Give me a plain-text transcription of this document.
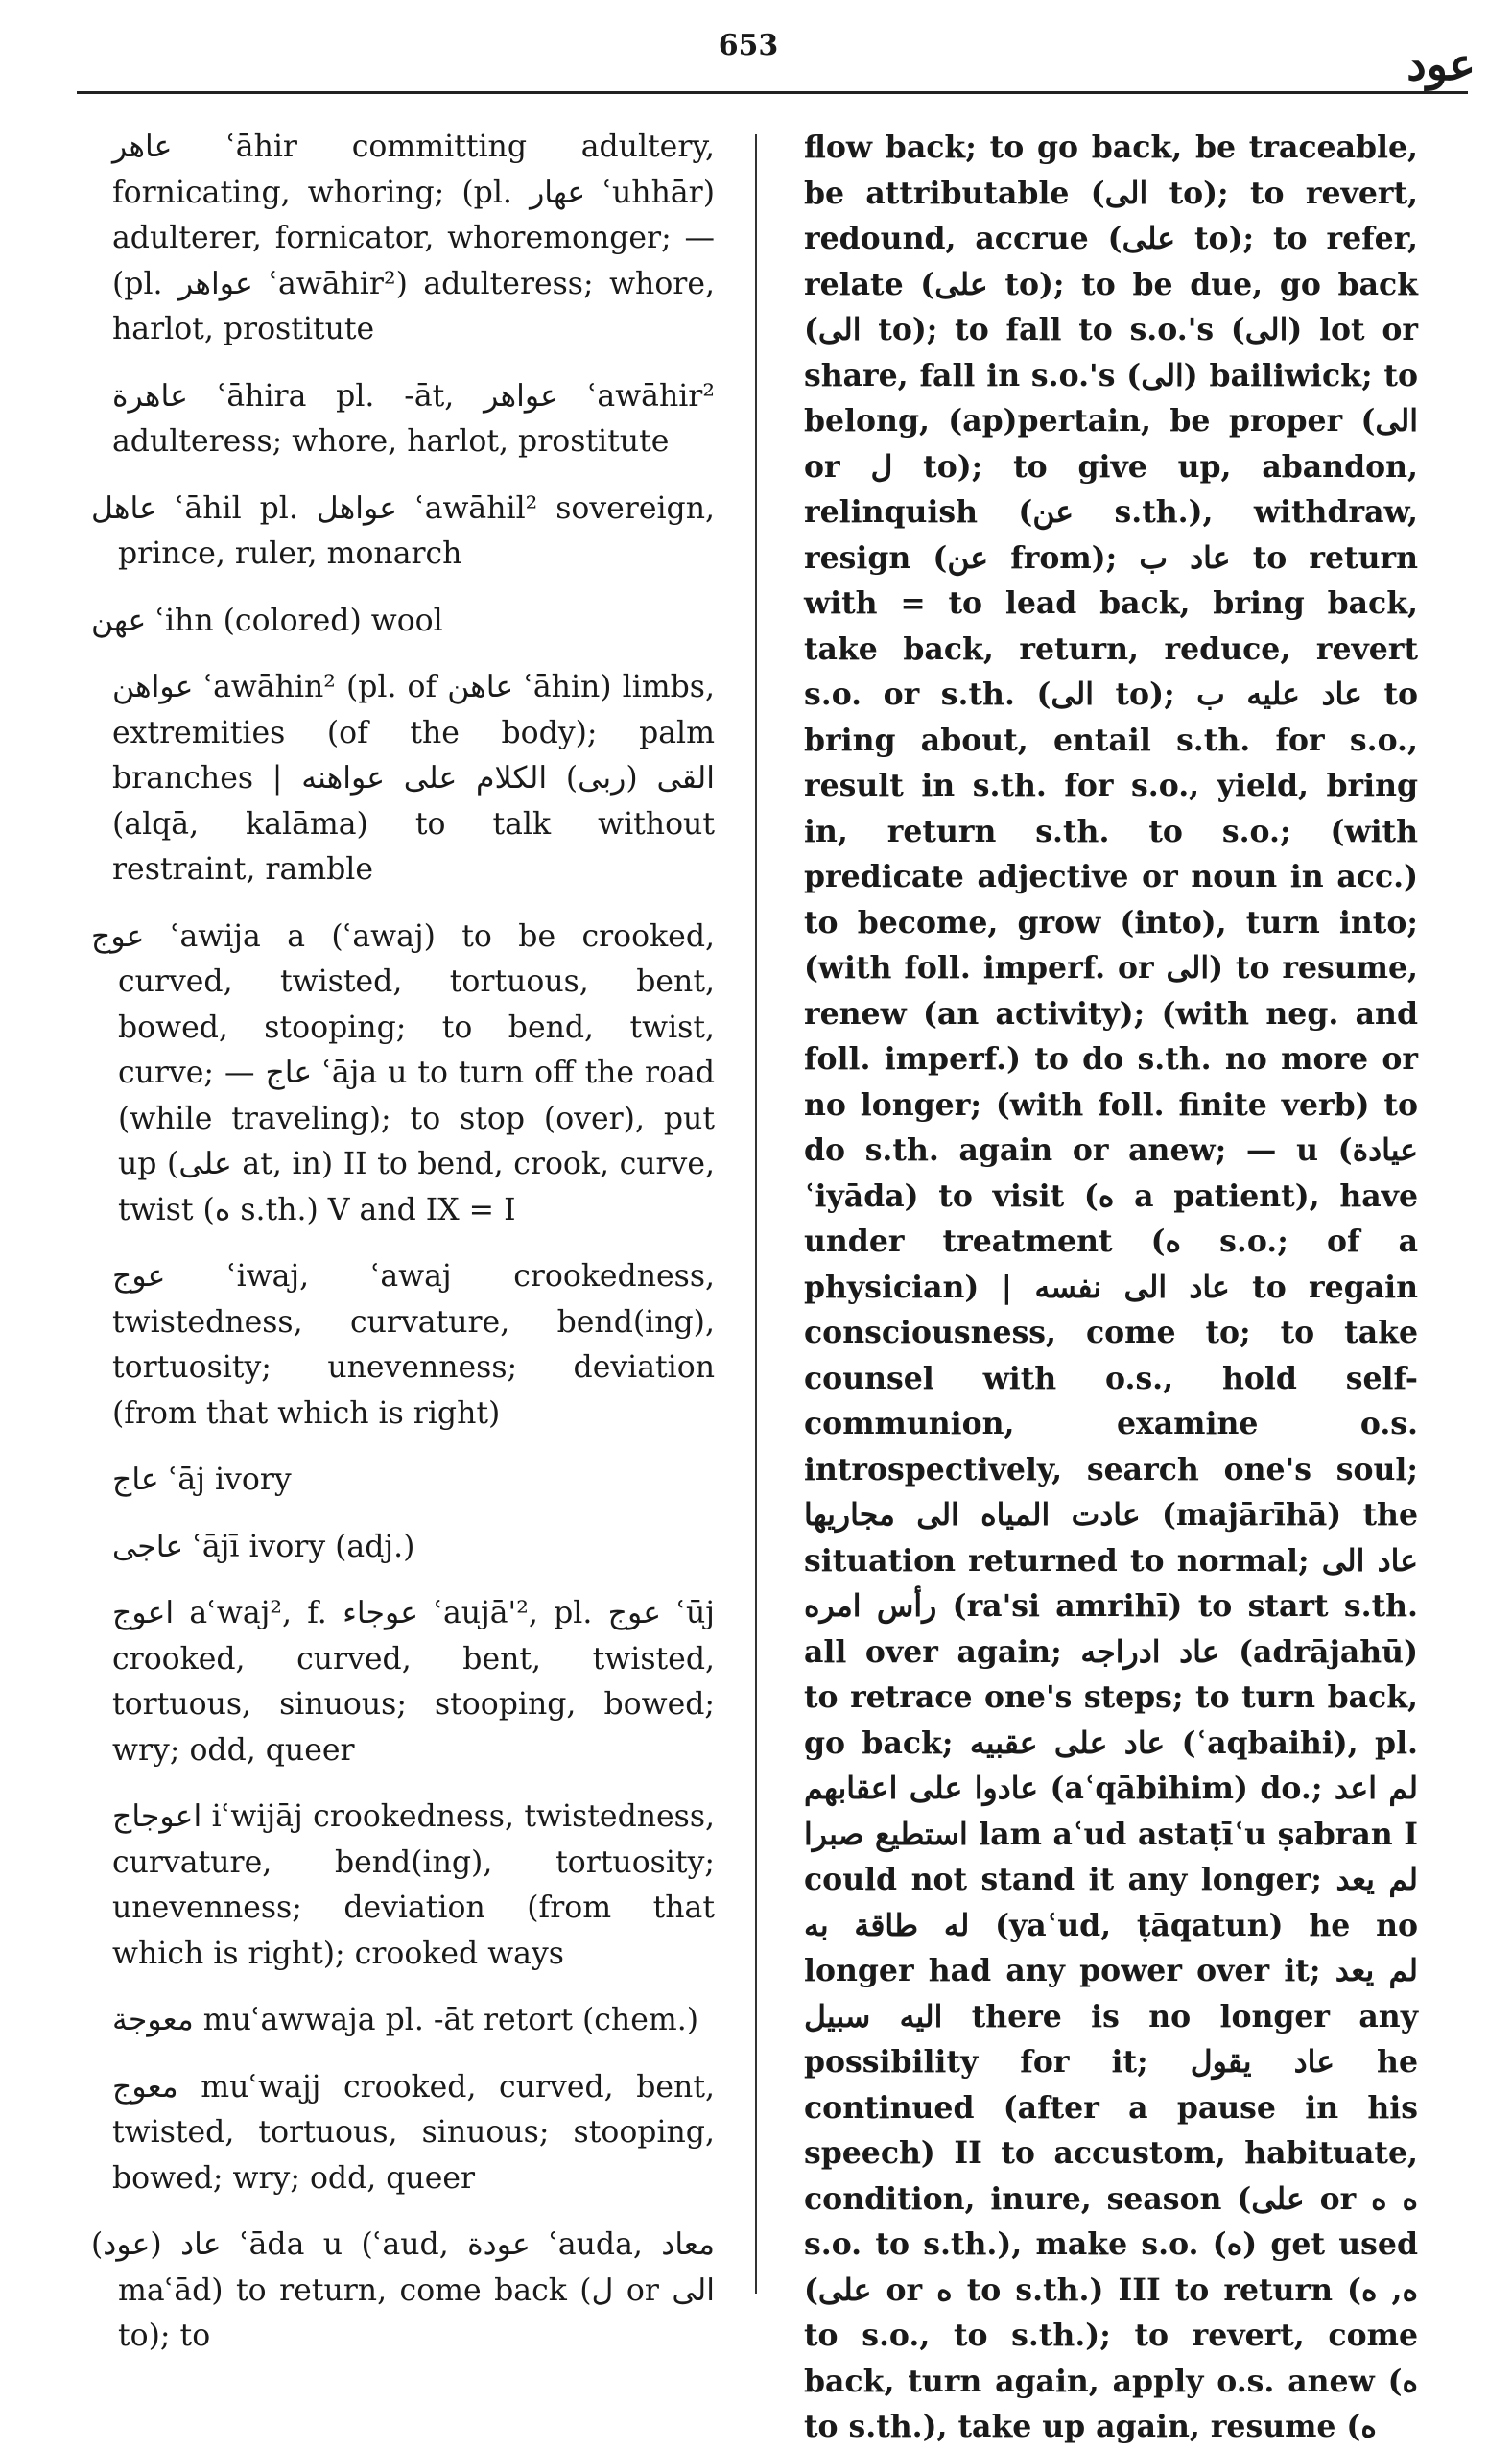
653	عود

عاهر ʿāhir committing adultery, fornicating, whoring; (pl. عهار ʿuhhār) adulterer, fornicator, whoremonger; — (pl. عواهر ʿawāhir²) adulteress; whore, harlot, prostitute

عاهرة ʿāhira pl. -āt, عواهر ʿawāhir² adulteress; whore, harlot, prostitute

عاهل ʿāhil pl. عواهل ʿawāhil² sovereign, prince, ruler, monarch

عهن ʿihn (colored) wool

عواهن ʿawāhin² (pl. of عاهن ʿāhin) limbs, extremities (of the body); palm branches | القى (ربى) الكلام على عواهنه (alqā, kalāma) to talk without restraint, ramble

عوج ʿawija a (ʿawaj) to be crooked, curved, twisted, tortuous, bent, bowed, stooping; to bend, twist, curve; — عاج ʿāja u to turn off the road (while traveling); to stop (over), put up (على at, in) II to bend, crook, curve, twist (ه s.th.) V and IX = I

عوج ʿiwaj, ʿawaj crookedness, twistedness, curvature, bend(ing), tortuosity; unevenness; deviation (from that which is right)

عاج ʿāj ivory

عاجى ʿājī ivory (adj.)

اعوج aʿwaj², f. عوجاء ʿaujā'², pl. عوج ʿūj crooked, curved, bent, twisted, tortuous, sinuous; stooping, bowed; wry; odd, queer

اعوجاج iʿwijāj crookedness, twistedness, curvature, bend(ing), tortuosity; unevenness; deviation (from that which is right); crooked ways

معوجة muʿawwaja pl. -āt retort (chem.)

معوج muʿwajj crooked, curved, bent, twisted, tortuous, sinuous; stooping, bowed; wry; odd, queer

(عود) عاد ʿāda u (ʿaud, عودة ʿauda, معاد maʿād) to return, come back (ل or الى to); to

flow back; to go back, be traceable, be attributable (الى to); to revert, redound, accrue (على to); to refer, relate (على to); to be due, go back (الى to); to fall to s.o.'s (الى) lot or share, fall in s.o.'s (الى) bailiwick; to belong, (ap)pertain, be proper (الى or ل to); to give up, abandon, relinquish (عن s.th.), withdraw, resign (عن from); عاد ب to return with = to lead back, bring back, take back, return, reduce, revert s.o. or s.th. (الى to); عاد عليه ب to bring about, entail s.th. for s.o., result in s.th. for s.o., yield, bring in, return s.th. to s.o.; (with predicate adjective or noun in acc.) to become, grow (into), turn into; (with foll. imperf. or الى) to resume, renew (an activity); (with neg. and foll. imperf.) to do s.th. no more or no longer; (with foll. finite verb) to do s.th. again or anew; — u (عيادة ʿiyāda) to visit (ه a patient), have under treatment (ه s.o.; of a physician) | عاد الى نفسه to regain consciousness, come to; to take counsel with o.s., hold self-communion, examine o.s. introspectively, search one's soul; عادت المياه الى مجاريها (majārīhā) the situation returned to normal; عاد الى رأس امره (ra'si amrihī) to start s.th. all over again; عاد ادراجه (adrājahū) to retrace one's steps; to turn back, go back; عاد على عقبيه (ʿaqbaihi), pl. عادوا على اعقابهم (aʿqābihim) do.; لم اعد استطيع صبرا lam aʿud astaṭīʿu ṣabran I could not stand it any longer; لم يعد له طاقة به (yaʿud, ṭāqatun) he no longer had any power over it; لم يعد اليه سبيل there is no longer any possibility for it; عاد يقول he continued (after a pause in his speech) II to accustom, habituate, condition, inure, season (على or ه ه s.o. to s.th.), make s.o. (ه) get used (على or ه to s.th.) III to return (ه, ه to s.o., to s.th.); to revert, come back, turn again, apply o.s. anew (ه to s.th.), take up again, resume (ه
